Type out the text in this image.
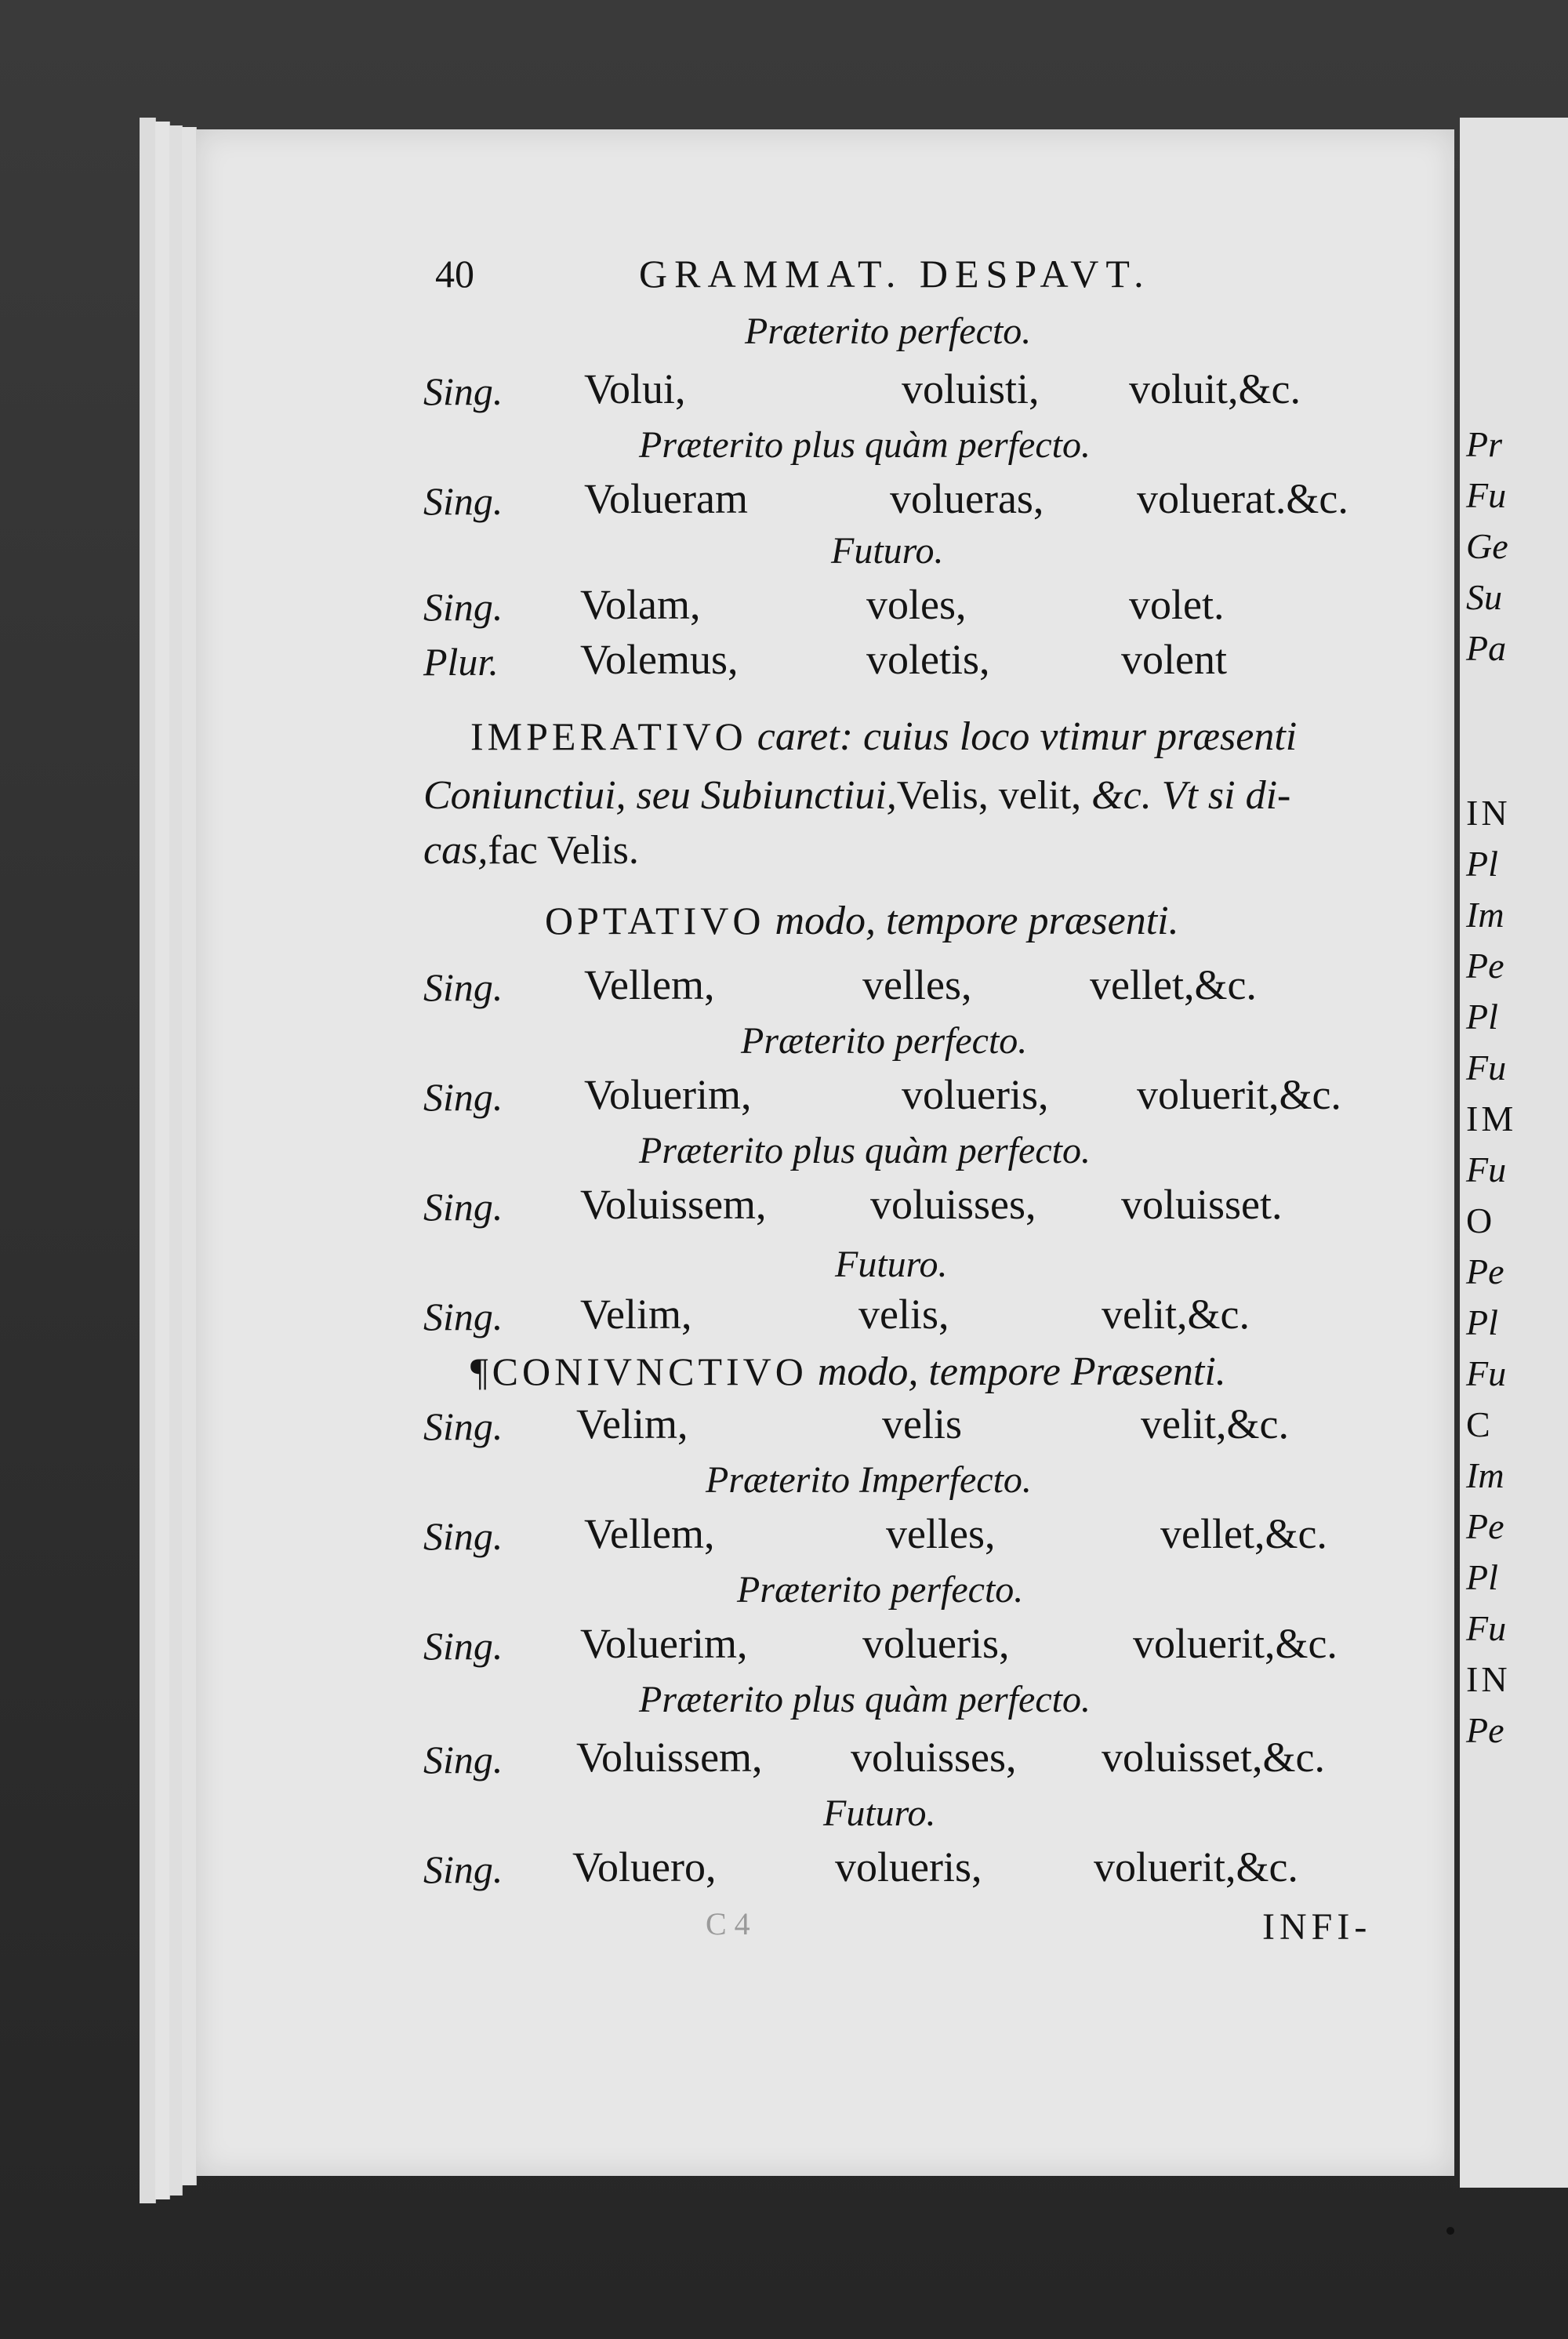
Pr
Fu
Ge
Su
Pa
IN
Pl
Im
Pe
Pl
Fu
IM
Fu
O
Pe
Pl
Fu
C
Im
Pe
Pl
Fu
IN
Pe
40	GRAMMAT. DESPAVT.
Præterito perfecto.
Sing. Volui,	voluisti, voluit,&c.
Præterito plus quàm perfecto.
Sing. Volueram	volueras, voluerat.&c.
Futuro.
Sing. Volam,	voles,	volet.
Plur. Volemus,	voletis,	volent
IMPERATIVO caret: cuius loco vtimur præsenti
Coniunctiui, seu Subiunctiui,Velis, velit, &c. Vt si di-
cas,fac Velis.
OPTATIVO modo, tempore præsenti.
Sing. Vellem,	velles,	vellet,&c.
Præterito perfecto.
Sing. Voluerim,	volueris, voluerit,&c.
Præterito plus quàm perfecto.
Sing. Voluissem, voluisses, voluisset.
Futuro.
Sing. Velim,	velis,	velit,&c.
¶CONIVNCTIVO modo, tempore Præsenti.
Sing. Velim,	velis	velit,&c.
Præterito Imperfecto.
Sing. Vellem,	velles,	vellet,&c.
Præterito perfecto.
Sing. Voluerim,	volueris,	voluerit,&c.
Præterito plus quàm perfecto.
Sing. Voluissem, voluisses, voluisset,&c.
Futuro.
Sing. Voluero,	volueris,	voluerit,&c.
C 4	INFI-
